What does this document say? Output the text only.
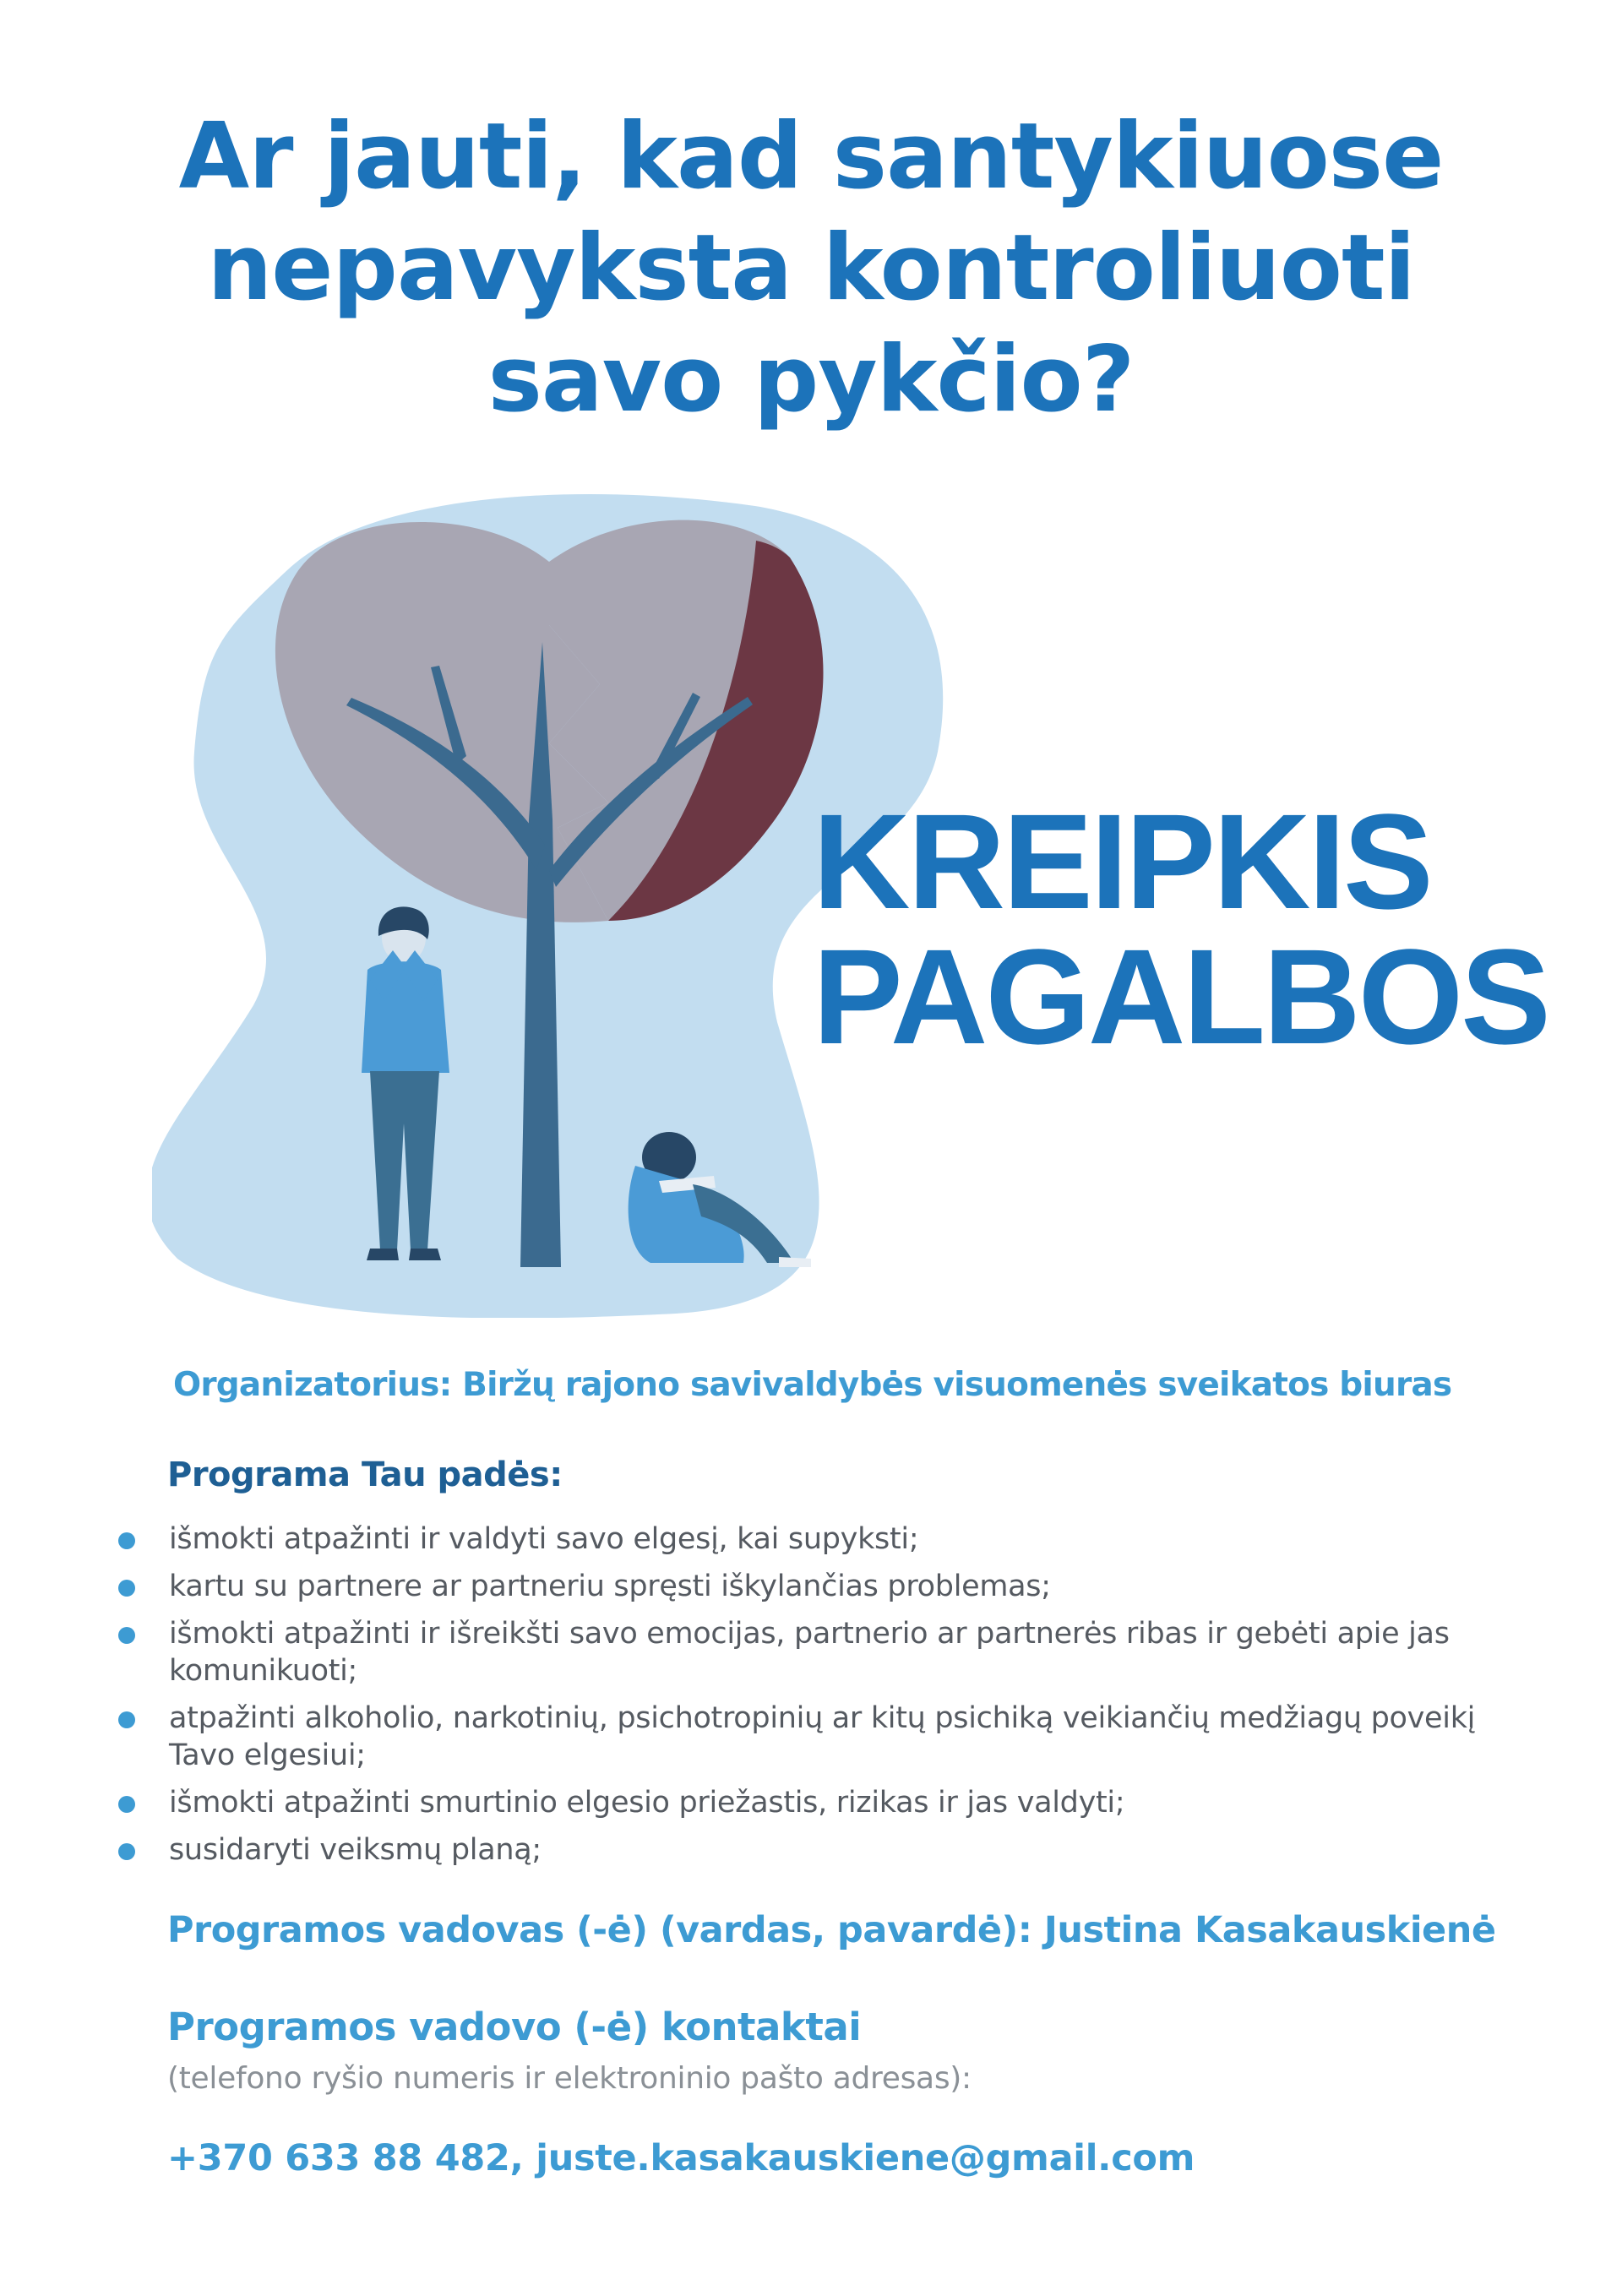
Ar jauti, kad santykiuose
nepavyksta kontroliuoti
savo pykčio?
KREIPKIS
PAGALBOS

Organizatorius: Biržų rajono savivaldybės visuomenės sveikatos biuras

Programa Tau padės:
išmokti atpažinti ir valdyti savo elgesį, kai supyksti;
kartu su partnere ar partneriu spręsti iškylančias problemas;
išmokti atpažinti ir išreikšti savo emocijas, partnerio ar partnerės ribas ir gebėti apie jas komunikuoti;
atpažinti alkoholio, narkotinių, psichotropinių ar kitų psichiką veikiančių medžiagų poveikį Tavo elgesiui;
išmokti atpažinti smurtinio elgesio priežastis, rizikas ir jas valdyti;
susidaryti veiksmų planą;

Programos vadovas (-ė) (vardas, pavardė): Justina Kasakauskienė

Programos vadovo (-ė) kontaktai

(telefono ryšio numeris ir elektroninio pašto adresas):

+370 633 88 482, juste.kasakauskiene@gmail.com
